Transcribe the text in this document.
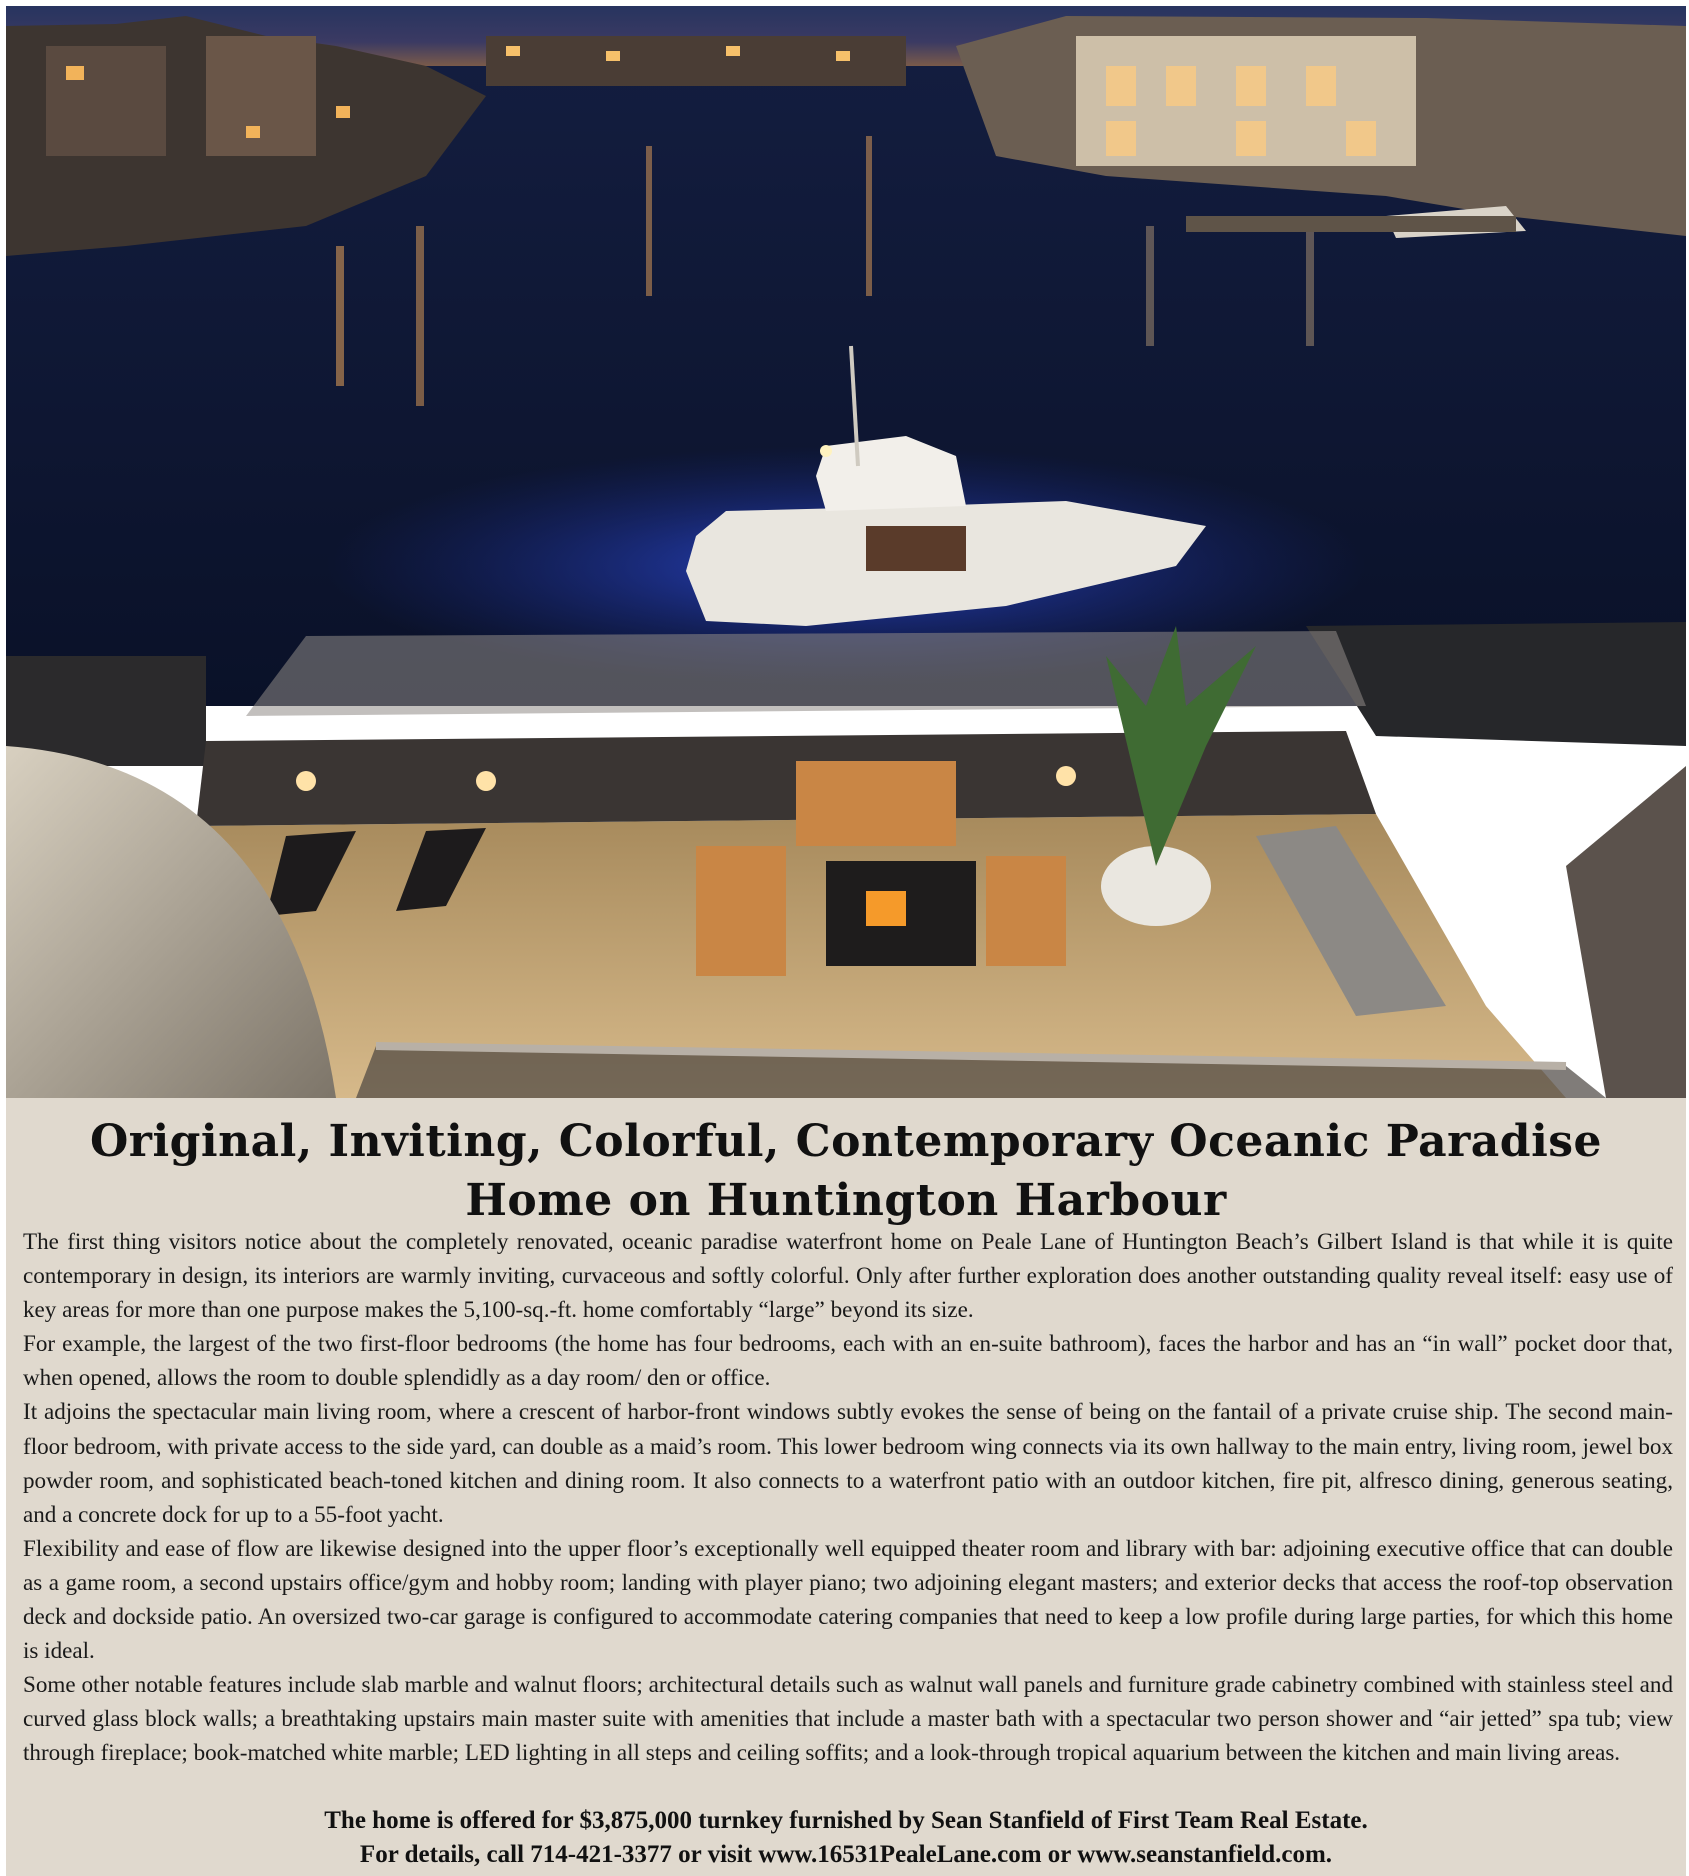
Original, Inviting, Colorful, Contemporary Oceanic Paradise
Home on Huntington Harbour

The first thing visitors notice about the completely renovated, oceanic paradise waterfront home on Peale Lane of Huntington Beach’s Gilbert Island is that while it is quite contemporary in design, its interiors are warmly inviting, curvaceous and softly colorful. Only after further exploration does another outstanding quality reveal itself: easy use of key areas for more than one purpose makes the 5,100-sq.-ft. home comfortably “large” beyond its size.

For example, the largest of the two first-floor bedrooms (the home has four bedrooms, each with an en-suite bathroom), faces the harbor and has an “in wall” pocket door that, when opened, allows the room to double splendidly as a day room/ den or office.

It adjoins the spectacular main living room, where a crescent of harbor-front windows subtly evokes the sense of being on the fantail of a private cruise ship. The second main-floor bedroom, with private access to the side yard, can double as a maid’s room. This lower bedroom wing connects via its own hallway to the main entry, living room, jewel box powder room, and sophisticated beach-toned kitchen and dining room. It also connects to a waterfront patio with an outdoor kitchen, fire pit, alfresco dining, generous seating, and a concrete dock for up to a 55-foot yacht.

Flexibility and ease of flow are likewise designed into the upper floor’s exceptionally well equipped theater room and library with bar: adjoining executive office that can double as a game room, a second upstairs office/gym and hobby room; landing with player piano; two adjoining elegant masters; and exterior decks that access the roof-top observation deck and dockside patio. An oversized two-car garage is configured to accommodate catering companies that need to keep a low profile during large parties, for which this home is ideal.

Some other notable features include slab marble and walnut floors; architectural details such as walnut wall panels and furniture grade cabinetry combined with stainless steel and curved glass block walls; a breathtaking upstairs main master suite with amenities that include a master bath with a spectacular two person shower and “air jetted” spa tub; view through fireplace; book-matched white marble; LED lighting in all steps and ceiling soffits; and a look-through tropical aquarium between the kitchen and main living areas.

The home is offered for $3,875,000 turnkey furnished by Sean Stanfield of First Team Real Estate.
For details, call 714-421-3377 or visit www.16531PealeLane.com or www.seanstanfield.com.
